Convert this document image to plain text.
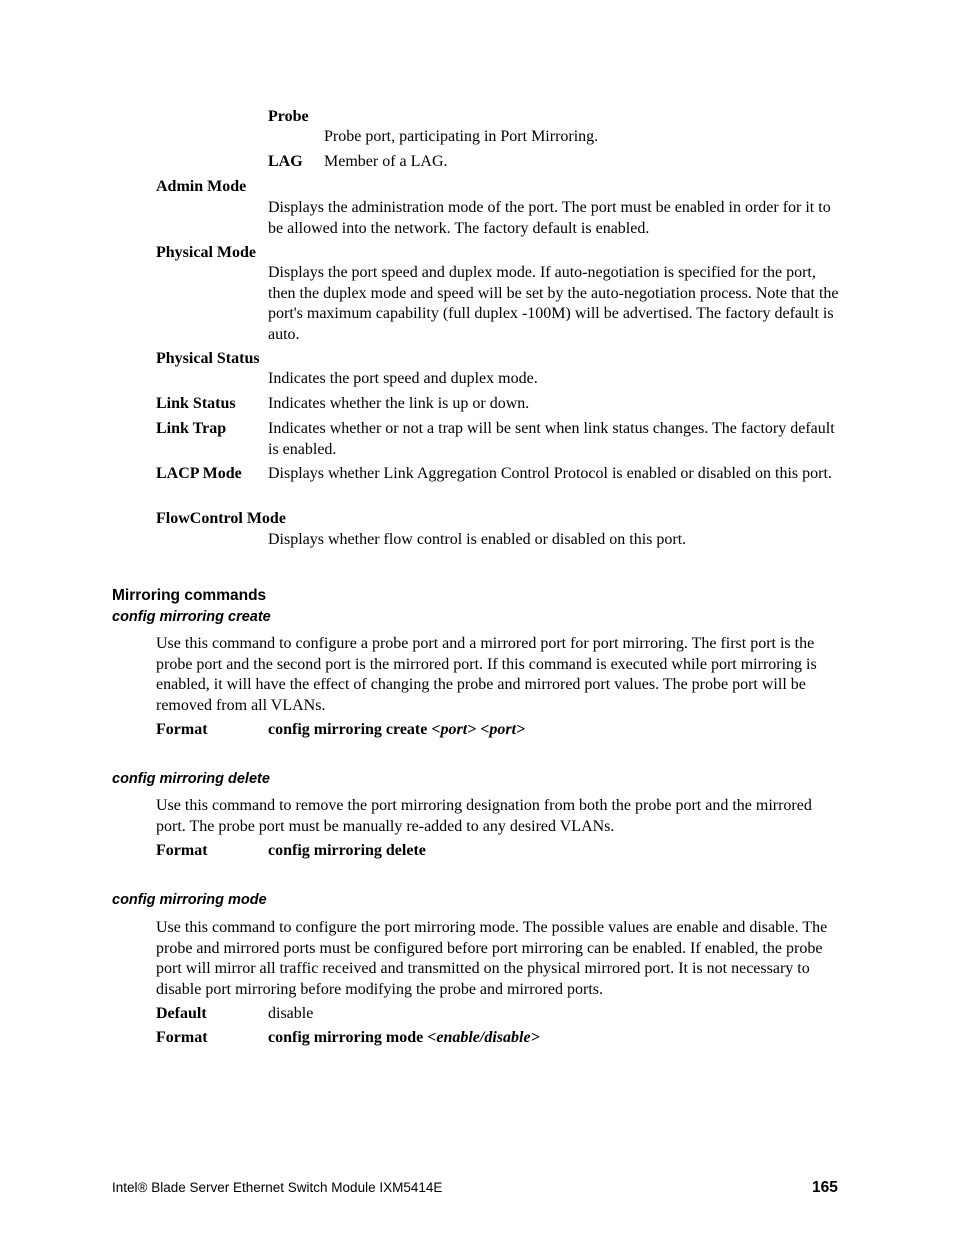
Probe
Probe port, participating in Port Mirroring.
LAG Member of a LAG.
Admin Mode
Displays the administration mode of the port. The port must be enabled in order for it to be allowed into the network. The factory default is enabled.
Physical Mode
Displays the port speed and duplex mode. If auto-negotiation is specified for the port, then the duplex mode and speed will be set by the auto-negotiation process. Note that the port's maximum capability (full duplex -100M) will be advertised. The factory default is auto.
Physical Status
Indicates the port speed and duplex mode.
Link Status Indicates whether the link is up or down.
Link Trap	Indicates whether or not a trap will be sent when link status changes. The factory default is enabled.
LACP Mode Displays whether Link Aggregation Control Protocol is enabled or disabled on this port.
FlowControl Mode
Displays whether flow control is enabled or disabled on this port.
Mirroring commands
config mirroring create
Use this command to configure a probe port and a mirrored port for port mirroring. The first port is the probe port and the second port is the mirrored port. If this command is executed while port mirroring is enabled, it will have the effect of changing the probe and mirrored port values. The probe port will be removed from all VLANs.
Format	config mirroring create <port> <port>
config mirroring delete
Use this command to remove the port mirroring designation from both the probe port and the mirrored port. The probe port must be manually re-added to any desired VLANs.
Format	config mirroring delete
config mirroring mode
Use this command to configure the port mirroring mode. The possible values are enable and disable. The probe and mirrored ports must be configured before port mirroring can be enabled. If enabled, the probe port will mirror all traffic received and transmitted on the physical mirrored port. It is not necessary to disable port mirroring before modifying the probe and mirrored ports.
Default	disable
Format	config mirroring mode <enable/disable>
Intel® Blade Server Ethernet Switch Module IXM5414E	165
